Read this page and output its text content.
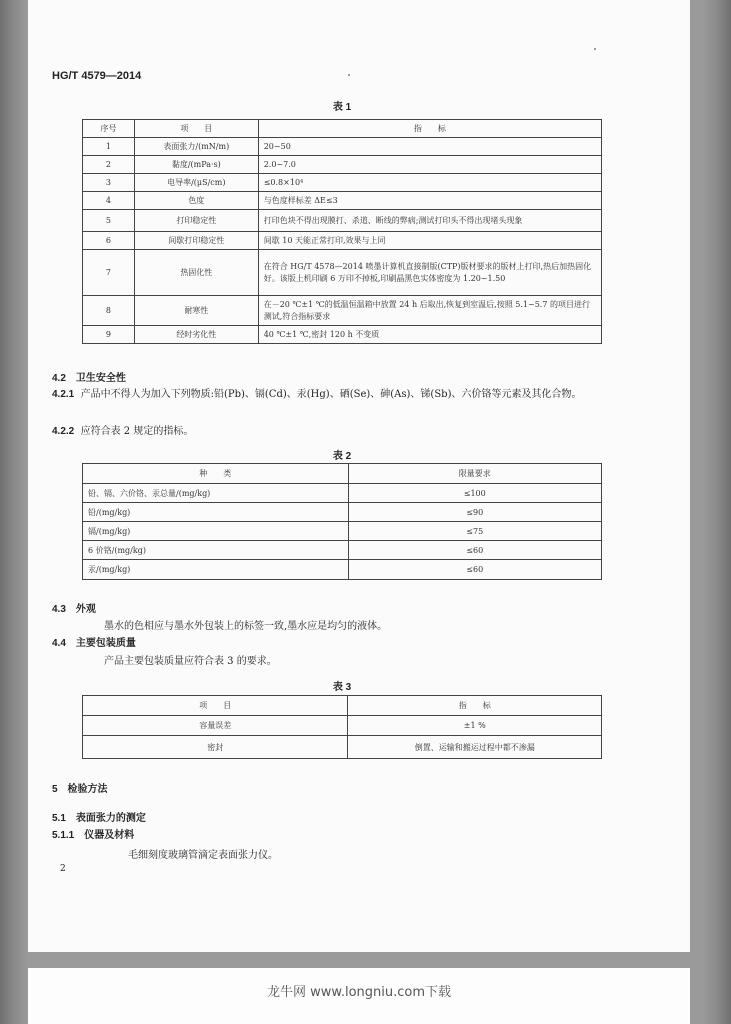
HG/T 4579—2014
表 1
序号	项　　目	指　　标
1	表面张力/(mN/m)	20~50
2	黏度/(mPa·s)	2.0~7.0
3	电导率/(μS/cm)	≤0.8×10⁴
4	色度	与色度样标差 ΔE≤3
5	打印稳定性	打印色块不得出现膜打、杀道、断线的弊病;测试打印头不得出现堵头现象
6	间歇打印稳定性	间歇 10 天能正常打印,效果与上同
7	热固化性	在符合 HG/T 4578—2014 喷墨计算机直接制版(CTP)版材要求的版材上打印,热后加热固化好。该版上机印刷 6 万印不掉板,印刷晶黑色实体密度为 1.20~1.50
8	耐寒性	在－20 ℃±1 ℃的低温恒温箱中放置 24 h 后取出,恢复到室温后,按照 5.1~5.7 的项目进行测试,符合指标要求
9	经时劣化性	40 ℃±1 ℃,密封 120 h 不变质
4.2　卫生安全性
4.2.1 产品中不得人为加入下列物质:铅(Pb)、镉(Cd)、汞(Hg)、硒(Se)、砷(As)、锑(Sb)、六价铬等元素及其化合物。
4.2.2 应符合表 2 规定的指标。
表 2
种　　类	限量要求
铅、镉、六价铬、汞总量/(mg/kg)	≤100
铅/(mg/kg)	≤90
镉/(mg/kg)	≤75
6 价铬/(mg/kg)	≤60
汞/(mg/kg)	≤60
4.3　外观
墨水的色相应与墨水外包装上的标签一致,墨水应是均匀的液体。
4.4　主要包装质量
产品主要包装质量应符合表 3 的要求。
表 3
项　　目	指　　标
容量误差	±1 %
密封	倒置、运输和搬运过程中都不渗漏
5　检验方法
5.1　表面张力的测定
5.1.1　仪器及材料
毛细刻度玻璃管滴定表面张力仪。
2
龙牛网 www.longniu.com下载
